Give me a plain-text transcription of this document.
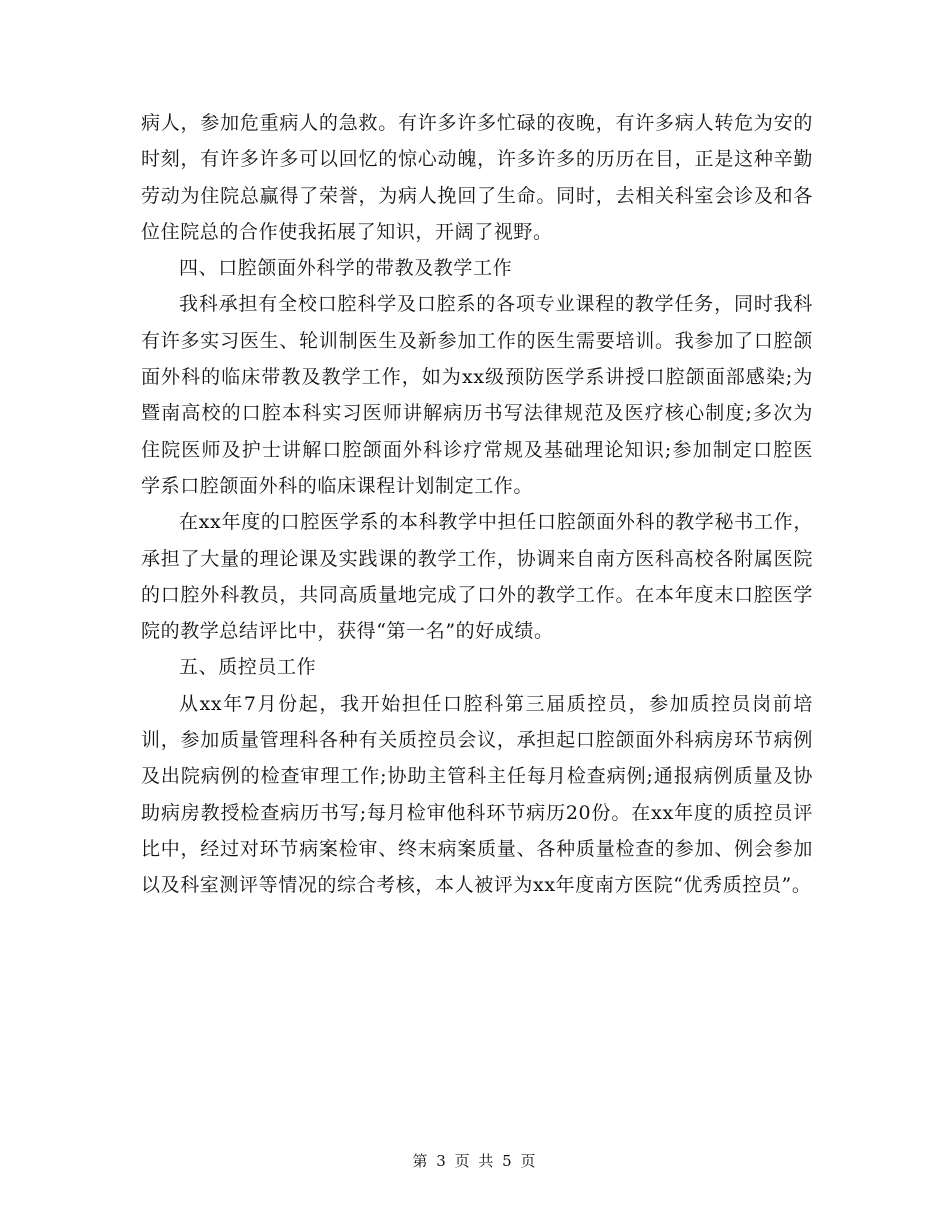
病人，参加危重病人的急救。有许多许多忙碌的夜晚，有许多病人转危为安的时刻，有许多许多可以回忆的惊心动魄，许多许多的历历在目，正是这种辛勤劳动为住院总赢得了荣誉，为病人挽回了生命。同时，去相关科室会诊及和各位住院总的合作使我拓展了知识，开阔了视野。

四、口腔颌面外科学的带教及教学工作

我科承担有全校口腔科学及口腔系的各项专业课程的教学任务，同时我科有许多实习医生、轮训制医生及新参加工作的医生需要培训。我参加了口腔颌面外科的临床带教及教学工作，如为xx级预防医学系讲授口腔颌面部感染;为暨南高校的口腔本科实习医师讲解病历书写法律规范及医疗核心制度;多次为住院医师及护士讲解口腔颌面外科诊疗常规及基础理论知识;参加制定口腔医学系口腔颌面外科的临床课程计划制定工作。

在xx年度的口腔医学系的本科教学中担任口腔颌面外科的教学秘书工作，承担了大量的理论课及实践课的教学工作，协调来自南方医科高校各附属医院的口腔外科教员，共同高质量地完成了口外的教学工作。在本年度末口腔医学院的教学总结评比中，获得“第一名”的好成绩。

五、质控员工作

从xx年7月份起，我开始担任口腔科第三届质控员，参加质控员岗前培训，参加质量管理科各种有关质控员会议，承担起口腔颌面外科病房环节病例及出院病例的检查审理工作;协助主管科主任每月检查病例;通报病例质量及协助病房教授检查病历书写;每月检审他科环节病历20份。在xx年度的质控员评比中，经过对环节病案检审、终末病案质量、各种质量检查的参加、例会参加以及科室测评等情况的综合考核，本人被评为xx年度南方医院“优秀质控员”。

第 3 页 共 5 页
